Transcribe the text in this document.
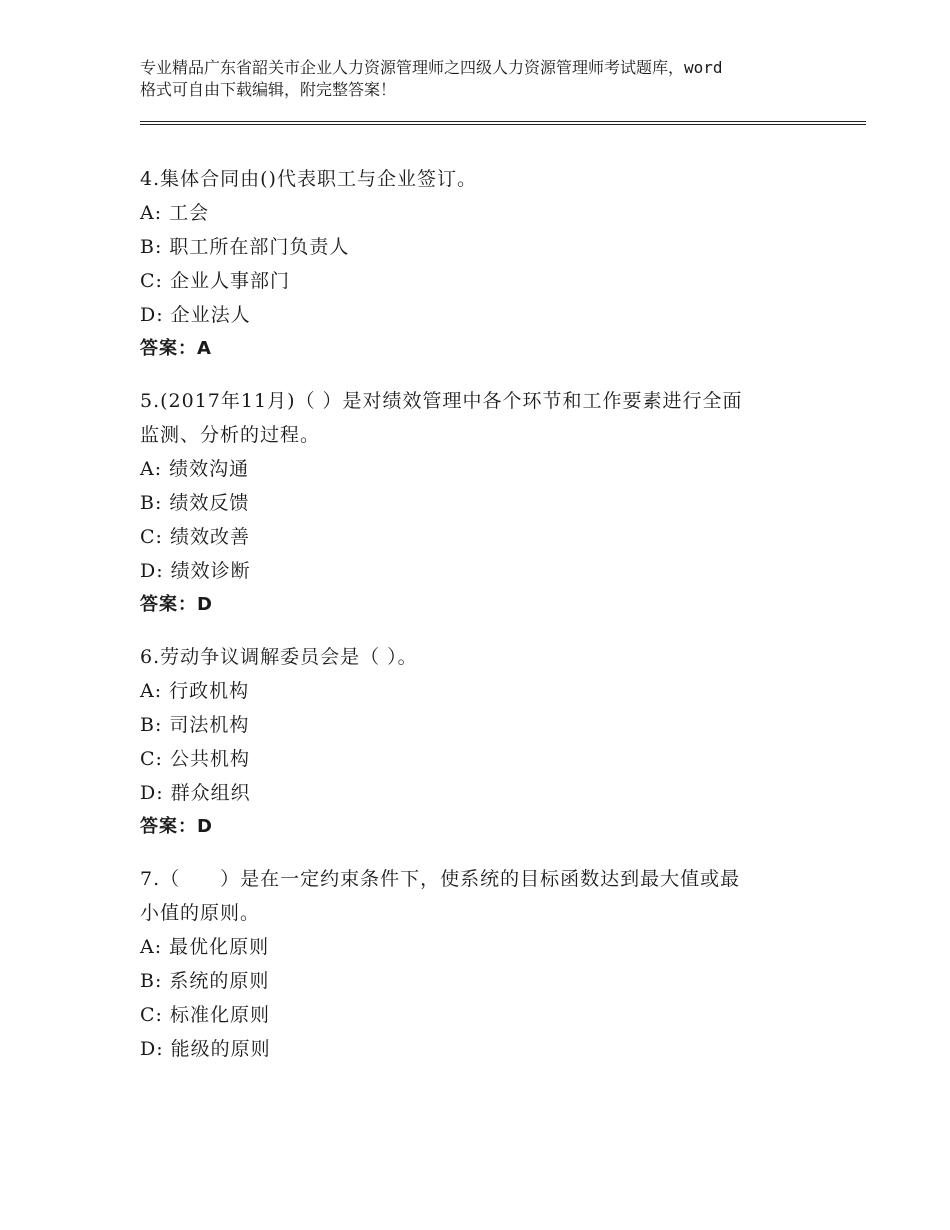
专业精品广东省韶关市企业人力资源管理师之四级人力资源管理师考试题库，word
格式可自由下载编辑，附完整答案！
4.集体合同由()代表职工与企业签订。
A: 工会
B: 职工所在部门负责人
C: 企业人事部门
D: 企业法人
答案：A
5.(2017年11月)（ ）是对绩效管理中各个环节和工作要素进行全面
监测、分析的过程。
A: 绩效沟通
B: 绩效反馈
C: 绩效改善
D: 绩效诊断
答案：D
6.劳动争议调解委员会是（ ）。
A: 行政机构
B: 司法机构
C: 公共机构
D: 群众组织
答案：D
7.（　　）是在一定约束条件下，使系统的目标函数达到最大值或最
小值的原则。
A: 最优化原则
B: 系统的原则
C: 标准化原则
D: 能级的原则
